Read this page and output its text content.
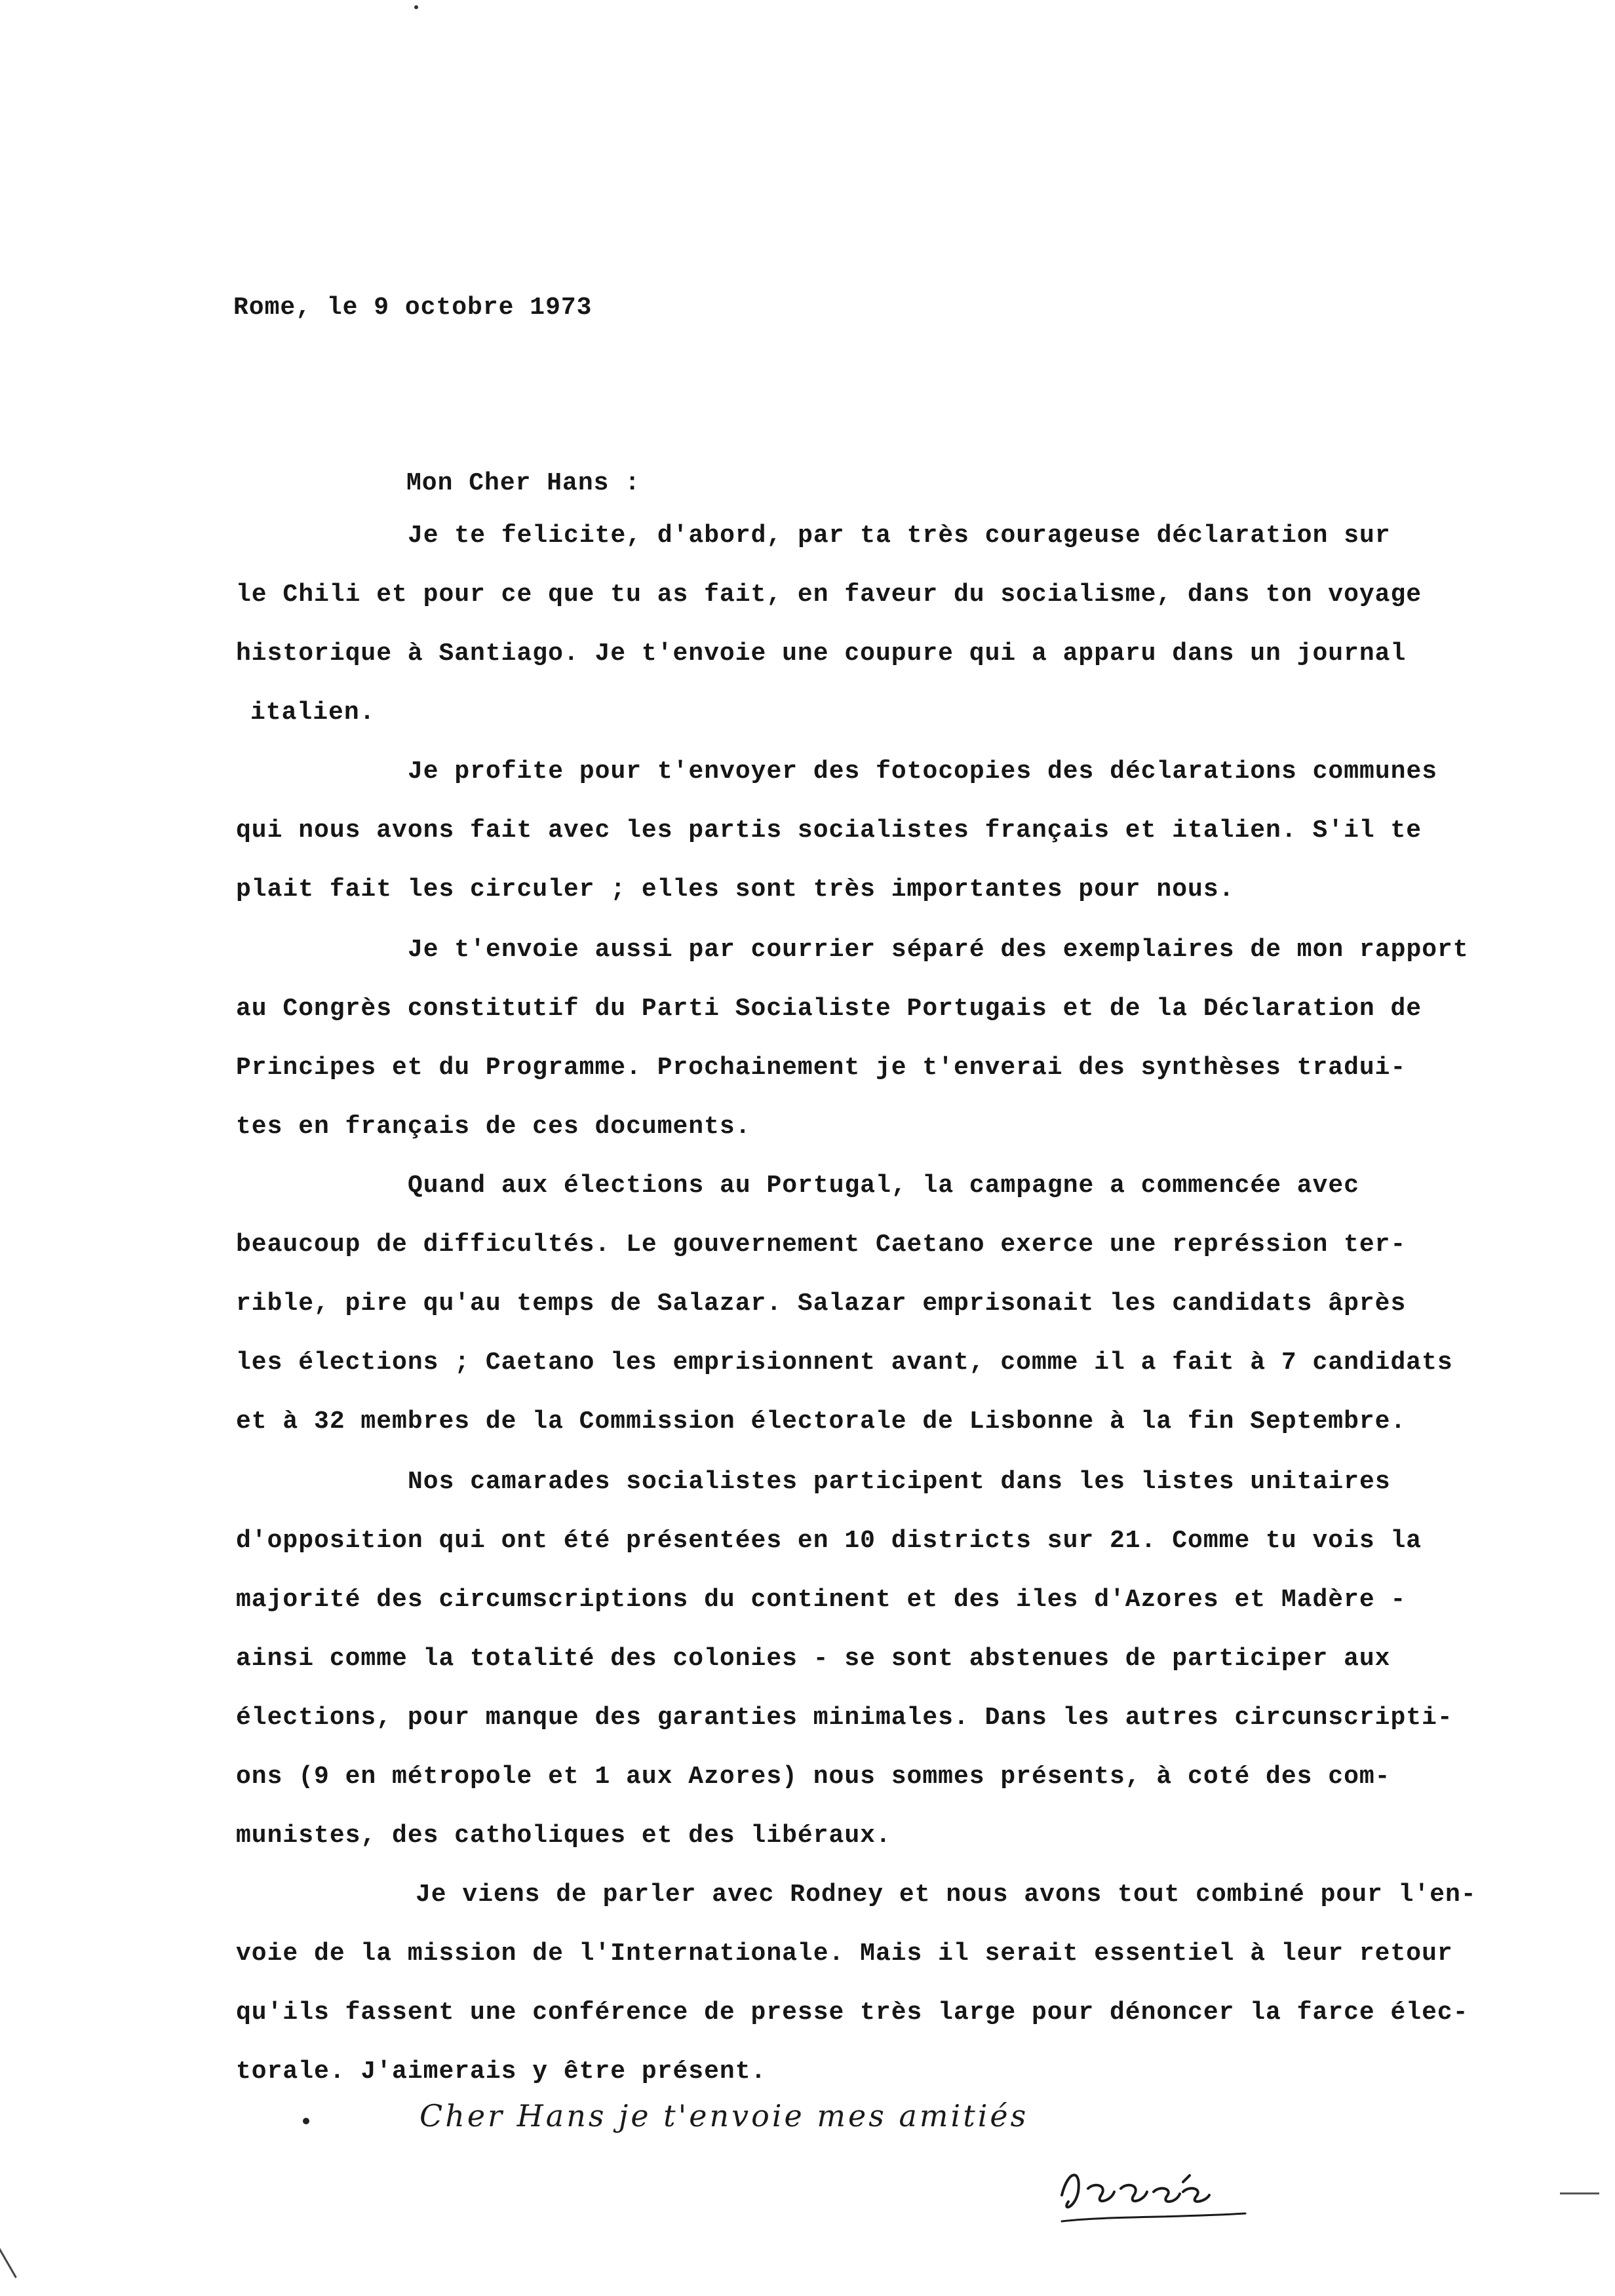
Rome, le 9 octobre 1973
Mon Cher Hans :
Je te felicite, d'abord, par ta très courageuse déclaration sur
le Chili et pour ce que tu as fait, en faveur du socialisme, dans ton voyage
historique à Santiago. Je t'envoie une coupure qui a apparu dans un journal
italien.
Je profite pour t'envoyer des fotocopies des déclarations communes
qui nous avons fait avec les partis socialistes français et italien. S'il te
plait fait les circuler ; elles sont très importantes pour nous.
Je t'envoie aussi par courrier séparé des exemplaires de mon rapport
au Congrès constitutif du Parti Socialiste Portugais et de la Déclaration de
Principes et du Programme. Prochainement je t'enverai des synthèses tradui-
tes en français de ces documents.
Quand aux élections au Portugal, la campagne a commencée avec
beaucoup de difficultés. Le gouvernement Caetano exerce une représsion ter-
rible, pire qu'au temps de Salazar. Salazar emprisonait les candidats âprès
les élections ; Caetano les emprisionnent avant, comme il a fait à 7 candidats
et à 32 membres de la Commission électorale de Lisbonne à la fin Septembre.
Nos camarades socialistes participent dans les listes unitaires
d'opposition qui ont été présentées en 10 districts sur 21. Comme tu vois la
majorité des circumscriptions du continent et des iles d'Azores et Madère -
ainsi comme la totalité des colonies - se sont abstenues de participer aux
élections, pour manque des garanties minimales. Dans les autres circunscripti-
ons (9 en métropole et 1 aux Azores) nous sommes présents, à coté des com-
munistes, des catholiques et des libéraux.
Je viens de parler avec Rodney et nous avons tout combiné pour l'en-
voie de la mission de l'Internationale. Mais il serait essentiel à leur retour
qu'ils fassent une conférence de presse très large pour dénoncer la farce élec-
torale. J'aimerais y être présent.
Cher Hans je t'envoie mes amitiés
